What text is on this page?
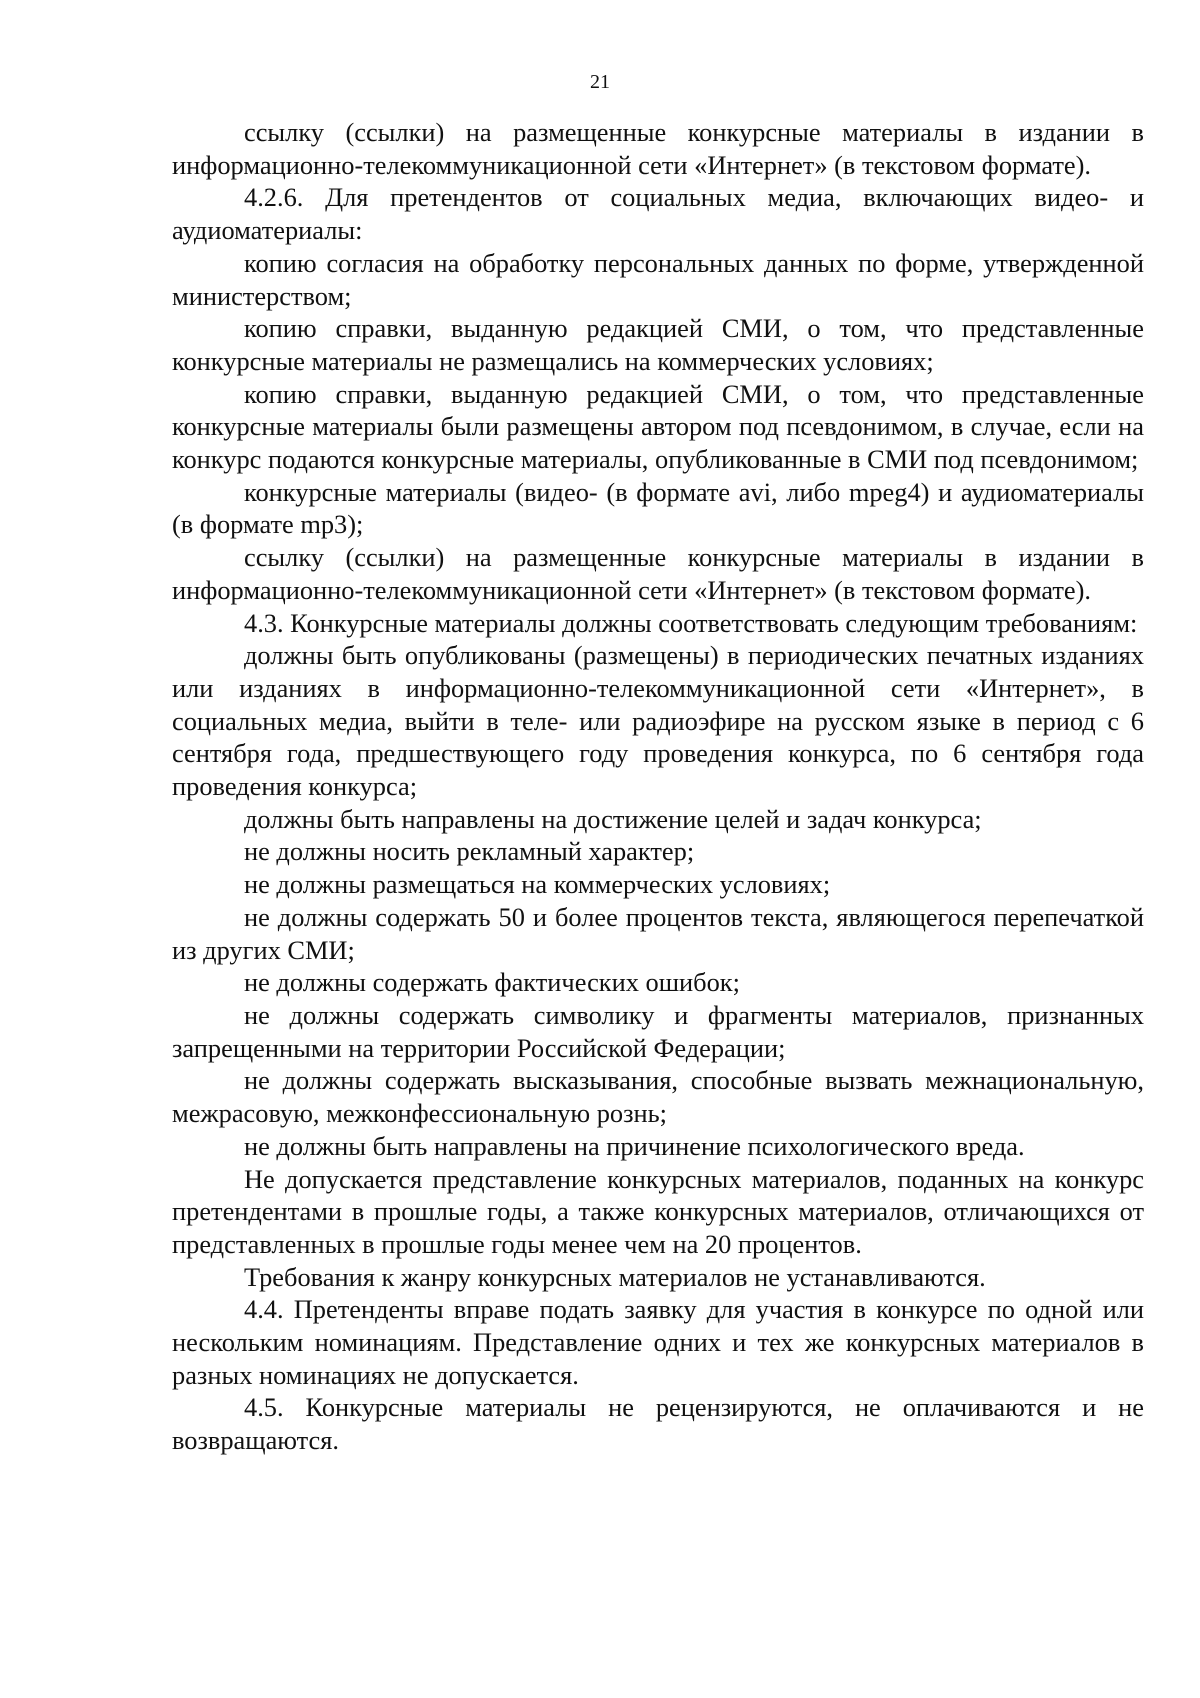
21

ссылку (ссылки) на размещенные конкурсные материалы в издании в информационно-телекоммуникационной сети «Интернет» (в текстовом формате).

4.2.6. Для претендентов от социальных медиа, включающих видео- и аудиоматериалы:

копию согласия на обработку персональных данных по форме, утвержденной министерством;

копию справки, выданную редакцией СМИ, о том, что представленные конкурсные материалы не размещались на коммерческих условиях;

копию справки, выданную редакцией СМИ, о том, что представленные конкурсные материалы были размещены автором под псевдонимом, в случае, если на конкурс подаются конкурсные материалы, опубликованные в СМИ под псевдонимом;

конкурсные материалы (видео- (в формате avi, либо mpeg4) и аудиоматериалы (в формате mp3);

ссылку (ссылки) на размещенные конкурсные материалы в издании в информационно-телекоммуникационной сети «Интернет» (в текстовом формате).

4.3. Конкурсные материалы должны соответствовать следующим требованиям:

должны быть опубликованы (размещены) в периодических печатных изданиях или изданиях в информационно-телекоммуникационной сети «Интернет», в социальных медиа, выйти в теле- или радиоэфире на русском языке в период с 6 сентября года, предшествующего году проведения конкурса, по 6 сентября года проведения конкурса;

должны быть направлены на достижение целей и задач конкурса;

не должны носить рекламный характер;

не должны размещаться на коммерческих условиях;

не должны содержать 50 и более процентов текста, являющегося перепечаткой из других СМИ;

не должны содержать фактических ошибок;

не должны содержать символику и фрагменты материалов, признанных запрещенными на территории Российской Федерации;

не должны содержать высказывания, способные вызвать межнациональную, межрасовую, межконфессиональную рознь;

не должны быть направлены на причинение психологического вреда.

Не допускается представление конкурсных материалов, поданных на конкурс претендентами в прошлые годы, а также конкурсных материалов, отличающихся от представленных в прошлые годы менее чем на 20 процентов.

Требования к жанру конкурсных материалов не устанавливаются.

4.4. Претенденты вправе подать заявку для участия в конкурсе по одной или нескольким номинациям. Представление одних и тех же конкурсных материалов в разных номинациях не допускается.

4.5. Конкурсные материалы не рецензируются, не оплачиваются и не возвращаются.
